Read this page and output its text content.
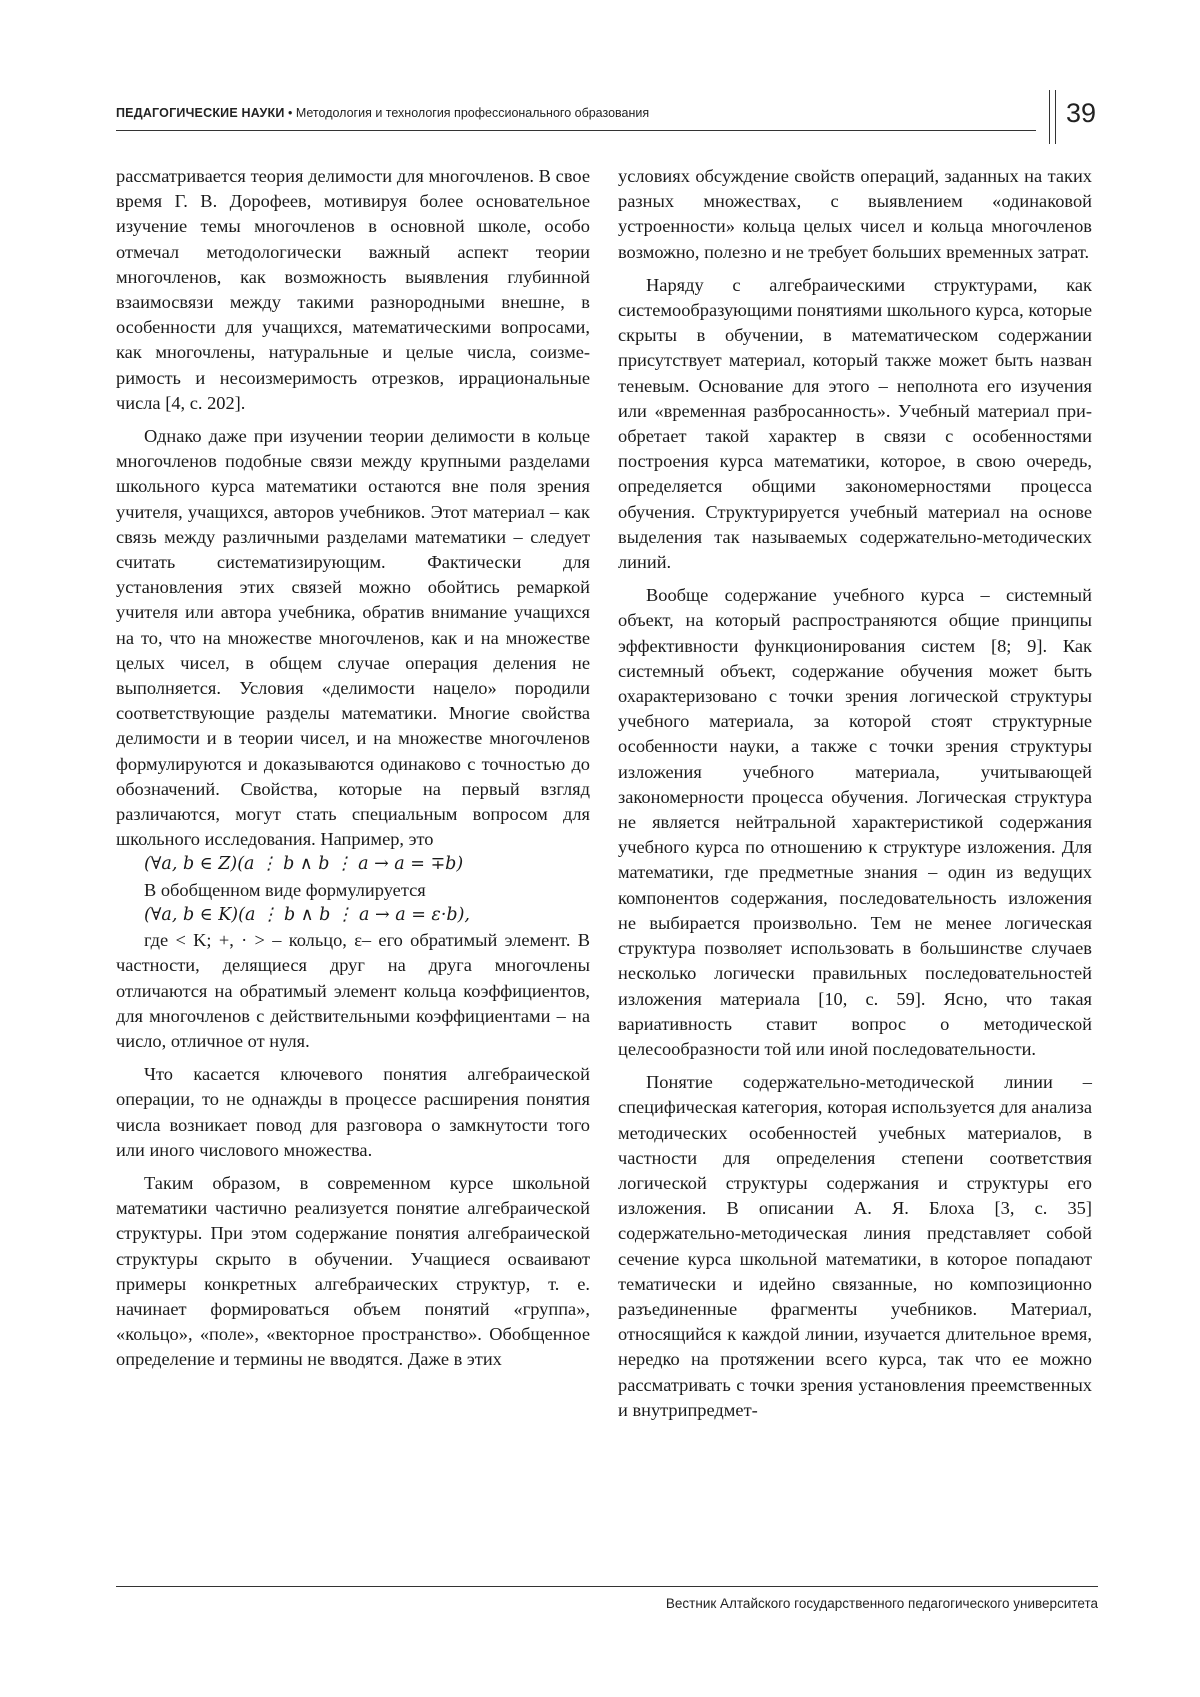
ПЕДАГОГИЧЕСКИЕ НАУКИ • Методология и технология профессионального образования	39

рассматривается теория делимости для многочленов. В свое время Г. В. Дорофеев, мотивируя более основательное изучение темы многочленов в основной школе, особо отмечал методологически важный аспект теории многочленов, как возможность выявления глубинной взаимосвязи между такими разнородными внешне, в особенности для учащихся, математическими вопросами, как многочлены, натуральные и целые числа, соизмеримость и несоизмеримость отрезков, иррациональные числа [4, с. 202].

Однако даже при изучении теории делимости в кольце многочленов подобные связи между крупными разделами школьного курса математики остаются вне поля зрения учителя, учащихся, авторов учебников. Этот материал – как связь между различными разделами математики – следует считать систематизирующим. Фактически для установления этих связей можно обойтись ремаркой учителя или автора учебника, обратив внимание учащихся на то, что на множестве многочленов, как и на множестве целых чисел, в общем случае операция деления не выполняется. Условия «делимости нацело» породили соответствующие разделы математики. Многие свойства делимости и в теории чисел, и на множестве многочленов формулируются и доказываются одинаково с точностью до обозначений. Свойства, которые на первый взгляд различаются, могут стать специальным вопросом для школьного исследования. Например, это

(∀a, b ∈ Z)(a ⋮ b ∧ b ⋮ a → a = ∓b)
В обобщенном виде формулируется
(∀a, b ∈ K)(a ⋮ b ∧ b ⋮ a → a = ε·b),

где < K; +, · > – кольцо, ε– его обратимый элемент. В частности, делящиеся друг на друга многочлены отличаются на обратимый элемент кольца коэффициентов, для многочленов с действительными коэффициентами – на число, отличное от нуля.

Что касается ключевого понятия алгебраической операции, то не однажды в процессе расширения понятия числа возникает повод для разговора о замкнутости того или иного числового множества.

Таким образом, в современном курсе школьной математики частично реализуется понятие алгебраической структуры. При этом содержание понятия алгебраической структуры скрыто в обучении. Учащиеся осваивают примеры конкретных алгебраических структур, т. е. начинает формироваться объем понятий «группа», «кольцо», «поле», «векторное пространство». Обобщенное определение и термины не вводятся. Даже в этих

условиях обсуждение свойств операций, заданных на таких разных множествах, с выявлением «одинаковой устроенности» кольца целых чисел и кольца многочленов возможно, полезно и не требует больших временных затрат.

Наряду с алгебраическими структурами, как системообразующими понятиями школьного курса, которые скрыты в обучении, в математическом содержании присутствует материал, который также может быть назван теневым. Основание для этого – неполнота его изучения или «временная разбросанность». Учебный материал приобретает такой характер в связи с особенностями построения курса математики, которое, в свою очередь, определяется общими закономерностями процесса обучения. Структурируется учебный материал на основе выделения так называемых содержательно-методических линий.

Вообще содержание учебного курса – системный объект, на который распространяются общие принципы эффективности функционирования систем [8; 9]. Как системный объект, содержание обучения может быть охарактеризовано с точки зрения логической структуры учебного материала, за которой стоят структурные особенности науки, а также с точки зрения структуры изложения учебного материала, учитывающей закономерности процесса обучения. Логическая структура не является нейтральной характеристикой содержания учебного курса по отношению к структуре изложения. Для математики, где предметные знания – один из ведущих компонентов содержания, последовательность изложения не выбирается произвольно. Тем не менее логическая структура позволяет использовать в большинстве случаев несколько логически правильных последовательностей изложения материала [10, с. 59]. Ясно, что такая вариативность ставит вопрос о методической целесообразности той или иной последовательности.

Понятие содержательно-методической линии – специфическая категория, которая используется для анализа методических особенностей учебных материалов, в частности для определения степени соответствия логической структуры содержания и структуры его изложения. В описании А. Я. Блоха [3, с. 35] содержательно-методическая линия представляет собой сечение курса школьной математики, в которое попадают тематически и идейно связанные, но композиционно разъединенные фрагменты учебников. Материал, относящийся к каждой линии, изучается длительное время, нередко на протяжении всего курса, так что ее можно рассматривать с точки зрения установления преемственных и внутрипредмет-

Вестник Алтайского государственного педагогического университета
